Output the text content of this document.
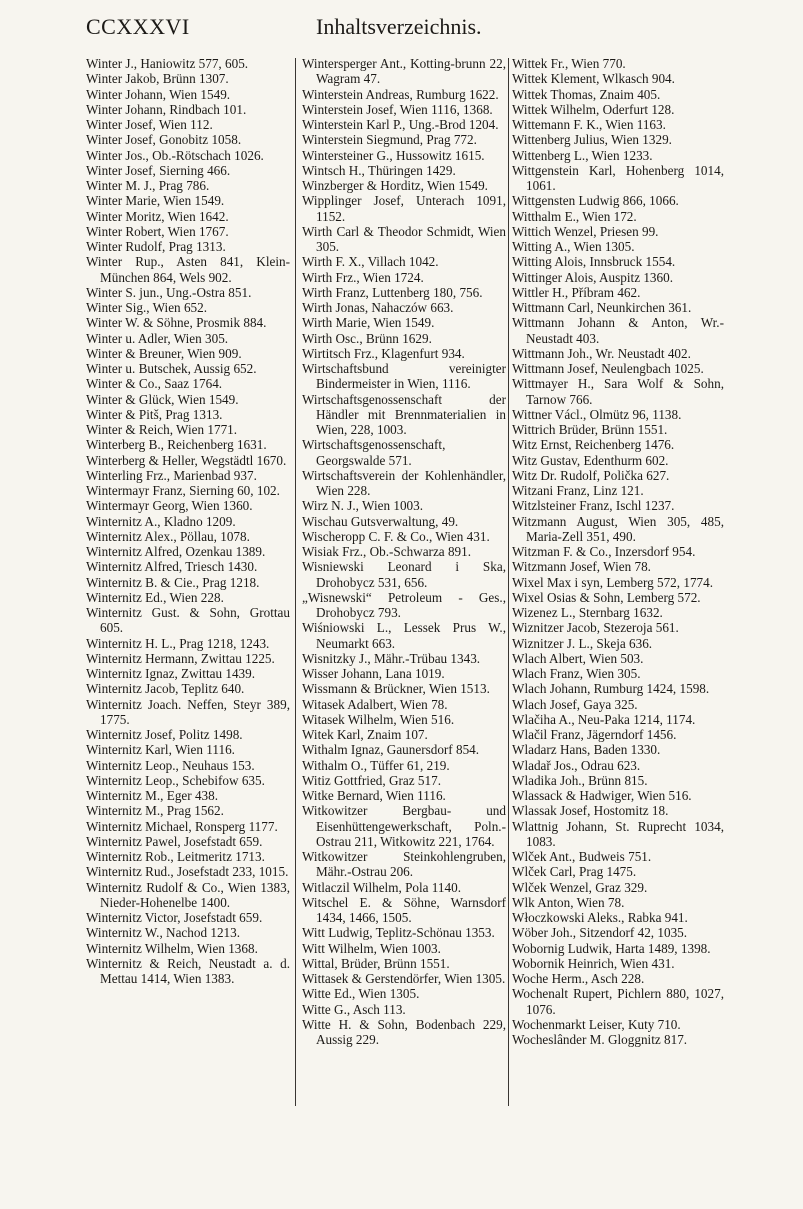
CCXXXVI	Inhaltsverzeichnis.

Winter J., Haniowitz 577, 605.

Winter Jakob, Brünn 1307.

Winter Johann, Wien 1549.

Winter Johann, Rindbach 101.

Winter Josef, Wien 112.

Winter Josef, Gonobitz 1058.

Winter Jos., Ob.-Rötschach 1026.

Winter Josef, Sierning 466.

Winter M. J., Prag 786.

Winter Marie, Wien 1549.

Winter Moritz, Wien 1642.

Winter Robert, Wien 1767.

Winter Rudolf, Prag 1313.

Winter Rup., Asten 841, Klein-München 864, Wels 902.

Winter S. jun., Ung.-Ostra 851.

Winter Sig., Wien 652.

Winter W. & Söhne, Prosmik 884.

Winter u. Adler, Wien 305.

Winter & Breuner, Wien 909.

Winter u. Butschek, Aussig 652.

Winter & Co., Saaz 1764.

Winter & Glück, Wien 1549.

Winter & Pitš, Prag 1313.

Winter & Reich, Wien 1771.

Winterberg B., Reichenberg 1631.

Winterberg & Heller, Wegstädtl 1670.

Winterling Frz., Marienbad 937.

Wintermayr Franz, Sierning 60, 102.

Wintermayr Georg, Wien 1360.

Winternitz A., Kladno 1209.

Winternitz Alex., Pöllau, 1078.

Winternitz Alfred, Ozenkau 1389.

Winternitz Alfred, Triesch 1430.

Winternitz B. & Cie., Prag 1218.

Winternitz Ed., Wien 228.

Winternitz Gust. & Sohn, Grottau 605.

Winternitz H. L., Prag 1218, 1243.

Winternitz Hermann, Zwittau 1225.

Winternitz Ignaz, Zwittau 1439.

Winternitz Jacob, Teplitz 640.

Winternitz Joach. Neffen, Steyr 389, 1775.

Winternitz Josef, Politz 1498.

Winternitz Karl, Wien 1116.

Winternitz Leop., Neuhaus 153.

Winternitz Leop., Schebifow 635.

Winternitz M., Eger 438.

Winternitz M., Prag 1562.

Winternitz Michael, Ronsperg 1177.

Winternitz Pawel, Josefstadt 659.

Winternitz Rob., Leitmeritz 1713.

Winternitz Rud., Josefstadt 233, 1015.

Winternitz Rudolf & Co., Wien 1383, Nieder-Hohenelbe 1400.

Winternitz Victor, Josefstadt 659.

Winternitz W., Nachod 1213.

Winternitz Wilhelm, Wien 1368.

Winternitz & Reich, Neustadt a. d. Mettau 1414, Wien 1383.

Wintersperger Ant., Kotting-brunn 22, Wagram 47.

Winterstein Andreas, Rumburg 1622.

Winterstein Josef, Wien 1116, 1368.

Winterstein Karl P., Ung.-Brod 1204.

Winterstein Siegmund, Prag 772.

Wintersteiner G., Hussowitz 1615.

Wintsch H., Thüringen 1429.

Winzberger & Horditz, Wien 1549.

Wipplinger Josef, Unterach 1091, 1152.

Wirth Carl & Theodor Schmidt, Wien 305.

Wirth F. X., Villach 1042.

Wirth Frz., Wien 1724.

Wirth Franz, Luttenberg 180, 756.

Wirth Jonas, Nahaczów 663.

Wirth Marie, Wien 1549.

Wirth Osc., Brünn 1629.

Wirtitsch Frz., Klagenfurt 934.

Wirtschaftsbund vereinigter Bindermeister in Wien, 1116.

Wirtschaftsgenossenschaft der Händler mit Brennmaterialien in Wien, 228, 1003.

Wirtschaftsgenossenschaft, Georgswalde 571.

Wirtschaftsverein der Kohlenhändler, Wien 228.

Wirz N. J., Wien 1003.

Wischau Gutsverwaltung, 49.

Wischeropp C. F. & Co., Wien 431.

Wisiak Frz., Ob.-Schwarza 891.

Wisniewski Leonard i Ska, Drohobycz 531, 656.

„Wisnewski“ Petroleum - Ges., Drohobycz 793.

Wiśniowski L., Lessek Prus W., Neumarkt 663.

Wisnitzky J., Mähr.-Trübau 1343.

Wisser Johann, Lana 1019.

Wissmann & Brückner, Wien 1513.

Witasek Adalbert, Wien 78.

Witasek Wilhelm, Wien 516.

Witek Karl, Znaim 107.

Withalm Ignaz, Gaunersdorf 854.

Withalm O., Tüffer 61, 219.

Witiz Gottfried, Graz 517.

Witke Bernard, Wien 1116.

Witkowitzer Bergbau- und Eisenhüttengewerkschaft, Poln.-Ostrau 211, Witkowitz 221, 1764.

Witkowitzer Steinkohlengruben, Mähr.-Ostrau 206.

Witlaczil Wilhelm, Pola 1140.

Witschel E. & Söhne, Warnsdorf 1434, 1466, 1505.

Witt Ludwig, Teplitz-Schönau 1353.

Witt Wilhelm, Wien 1003.

Wittal, Brüder, Brünn 1551.

Wittasek & Gerstendörfer, Wien 1305.

Witte Ed., Wien 1305.

Witte G., Asch 113.

Witte H. & Sohn, Bodenbach 229, Aussig 229.

Wittek Fr., Wien 770.

Wittek Klement, Wlkasch 904.

Wittek Thomas, Znaim 405.

Wittek Wilhelm, Oderfurt 128.

Wittemann F. K., Wien 1163.

Wittenberg Julius, Wien 1329.

Wittenberg L., Wien 1233.

Wittgenstein Karl, Hohenberg 1014, 1061.

Wittgensten Ludwig 866, 1066.

Witthalm E., Wien 172.

Wittich Wenzel, Priesen 99.

Witting A., Wien 1305.

Witting Alois, Innsbruck 1554.

Wittinger Alois, Auspitz 1360.

Wittler H., Příbram 462.

Wittmann Carl, Neunkirchen 361.

Wittmann Johann & Anton, Wr.-Neustadt 403.

Wittmann Joh., Wr. Neustadt 402.

Wittmann Josef, Neulengbach 1025.

Wittmayer H., Sara Wolf & Sohn, Tarnow 766.

Wittner Václ., Olmütz 96, 1138.

Wittrich Brüder, Brünn 1551.

Witz Ernst, Reichenberg 1476.

Witz Gustav, Edenthurm 602.

Witz Dr. Rudolf, Polička 627.

Witzani Franz, Linz 121.

Witzlsteiner Franz, Ischl 1237.

Witzmann August, Wien 305, 485, Maria-Zell 351, 490.

Witzman F. & Co., Inzersdorf 954.

Witzmann Josef, Wien 78.

Wixel Max i syn, Lemberg 572, 1774.

Wixel Osias & Sohn, Lemberg 572.

Wizenez L., Sternbarg 1632.

Wiznitzer Jacob, Stezeroja 561.

Wiznitzer J. L., Skeja 636.

Wlach Albert, Wien 503.

Wlach Franz, Wien 305.

Wlach Johann, Rumburg 1424, 1598.

Wlach Josef, Gaya 325.

Wlačiha A., Neu-Paka 1214, 1174.

Wlačil Franz, Jägerndorf 1456.

Wladarz Hans, Baden 1330.

Wladař Jos., Odrau 623.

Wladika Joh., Brünn 815.

Wlassack & Hadwiger, Wien 516.

Wlassak Josef, Hostomitz 18.

Wlattnig Johann, St. Ruprecht 1034, 1083.

Wlček Ant., Budweis 751.

Wlček Carl, Prag 1475.

Wlček Wenzel, Graz 329.

Wlk Anton, Wien 78.

Włoczkowski Aleks., Rabka 941.

Wöber Joh., Sitzendorf 42, 1035.

Wobornig Ludwik, Harta 1489, 1398.

Wobornik Heinrich, Wien 431.

Woche Herm., Asch 228.

Wochenalt Rupert, Pichlern 880, 1027, 1076.

Wochenmarkt Leiser, Kuty 710.

Wocheslânder M. Gloggnitz 817.
